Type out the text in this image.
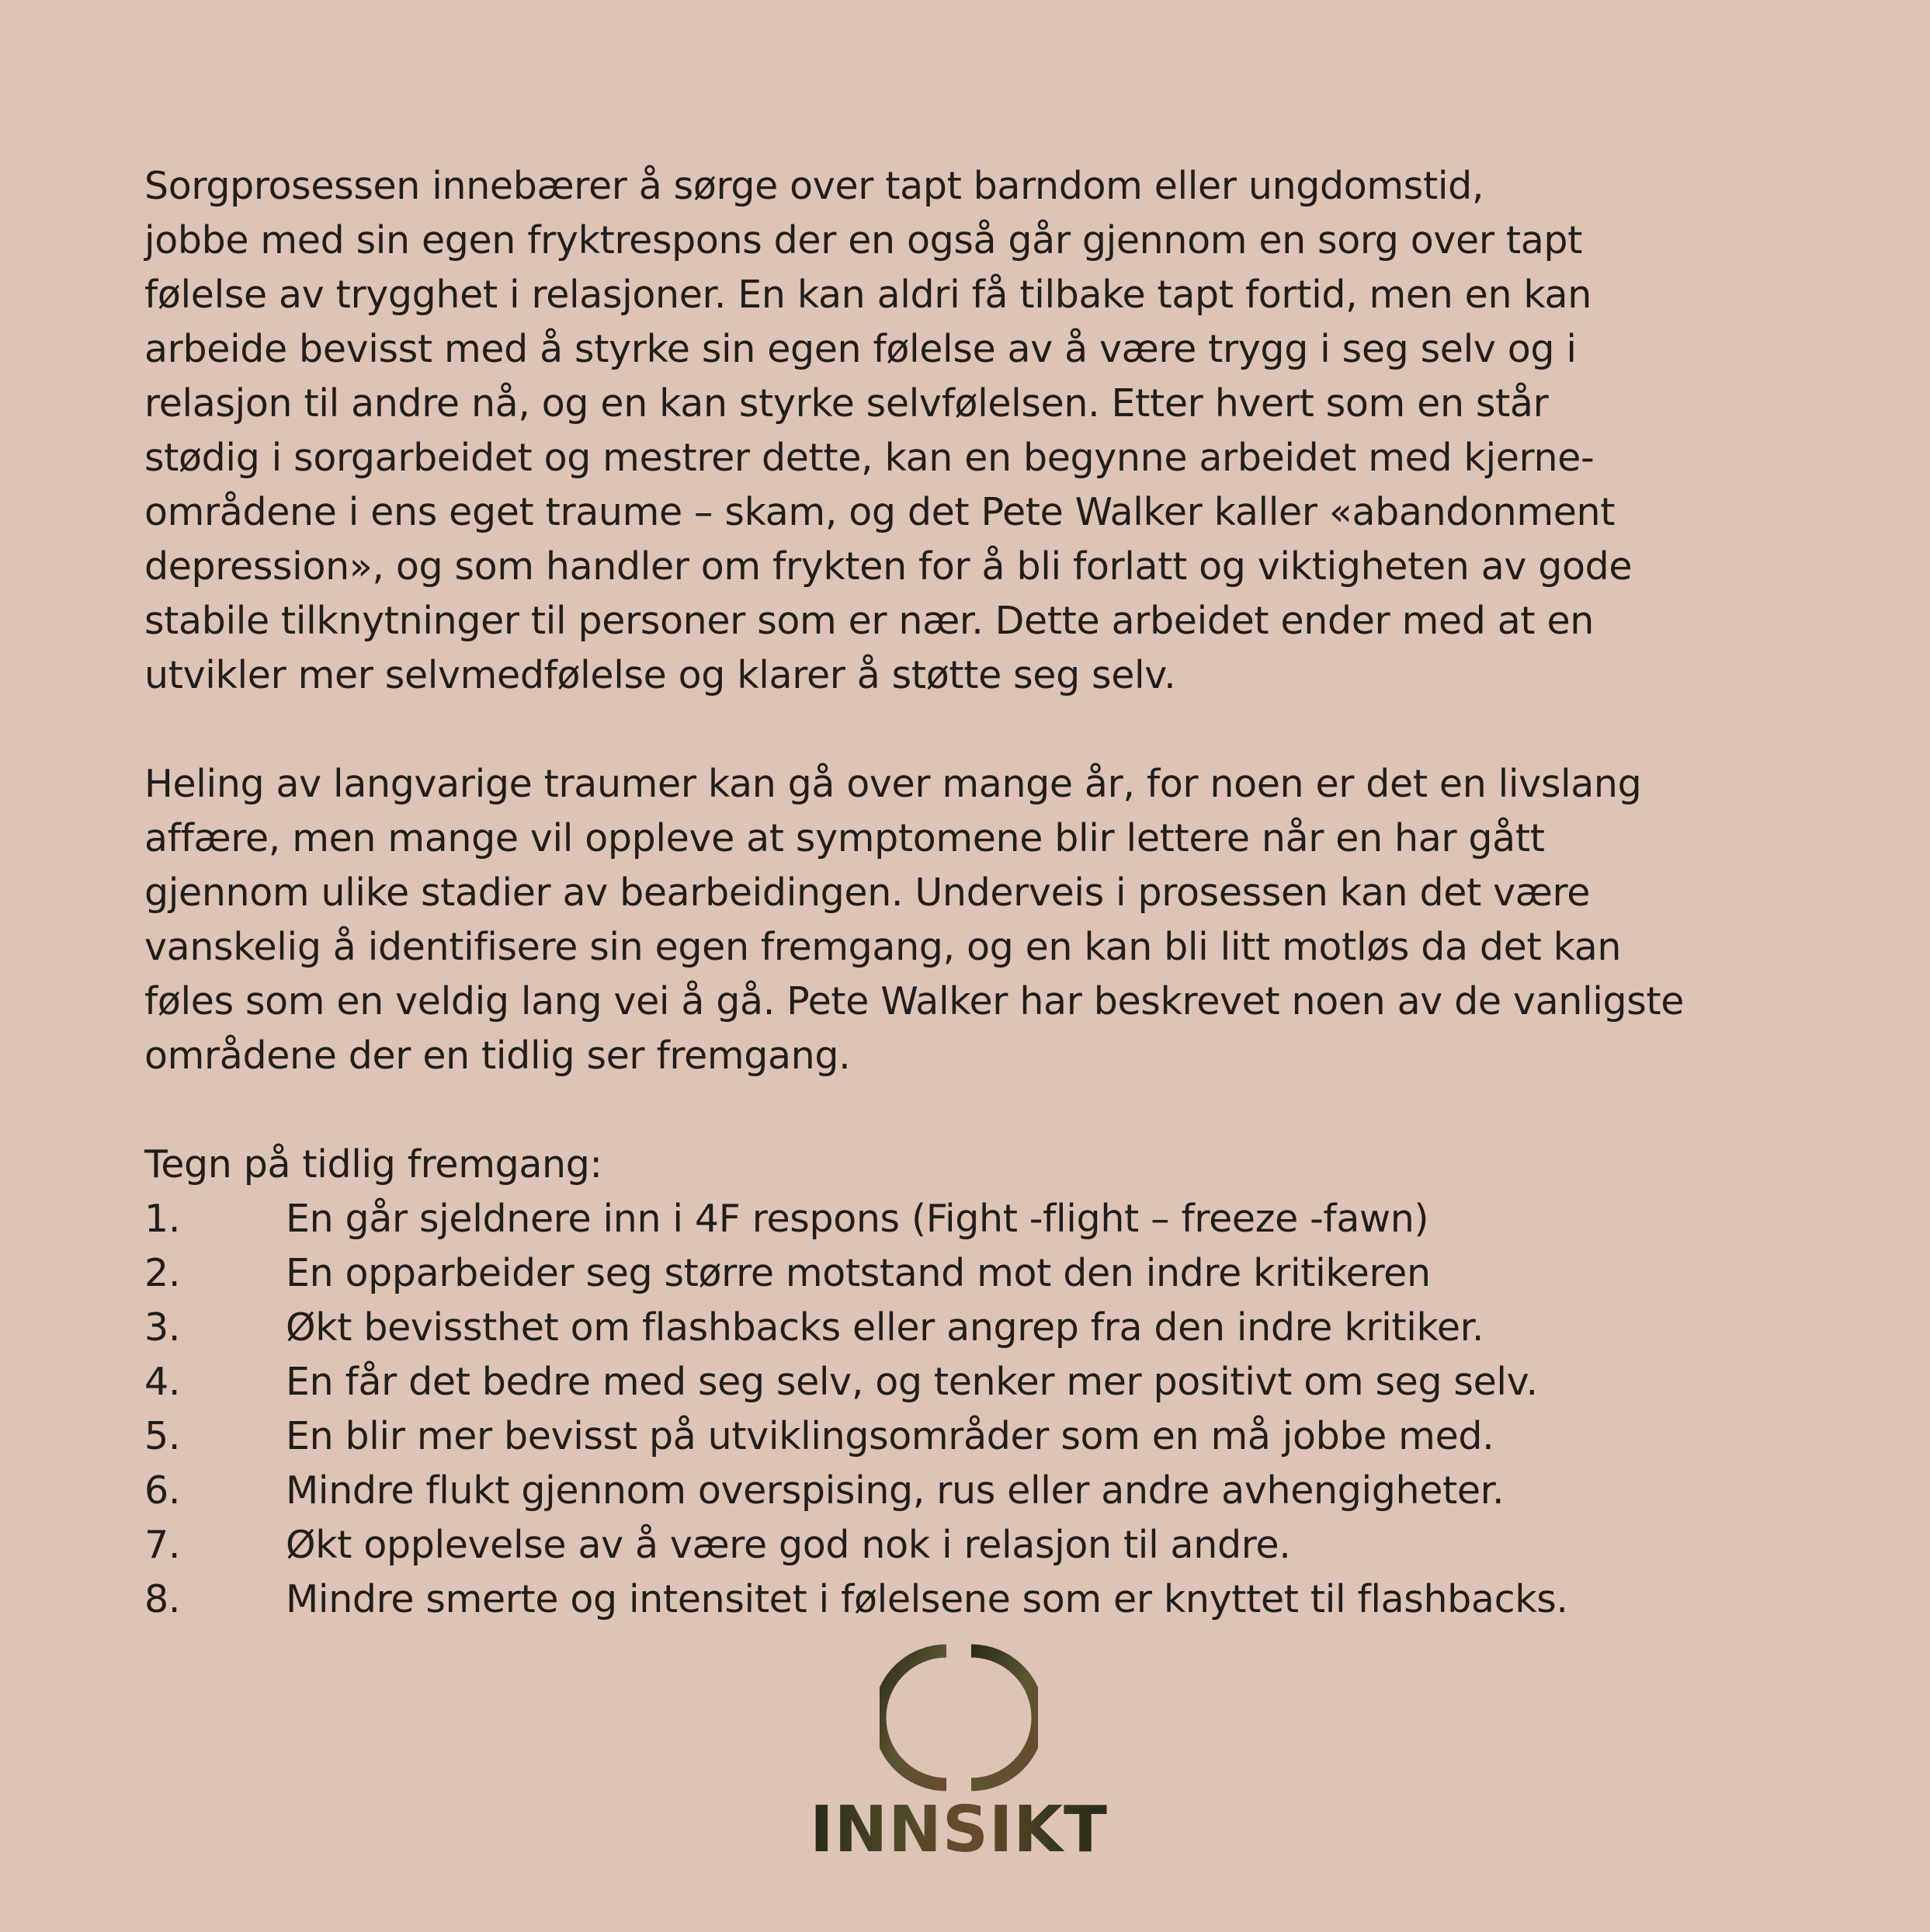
Sorgprosessen innebærer å sørge over tapt barndom eller ungdomstid,
jobbe med sin egen fryktrespons der en også går gjennom en sorg over tapt
følelse av trygghet i relasjoner. En kan aldri få tilbake tapt fortid, men en kan
arbeide bevisst med å styrke sin egen følelse av å være trygg i seg selv og i
relasjon til andre nå, og en kan styrke selvfølelsen. Etter hvert som en står
stødig i sorgarbeidet og mestrer dette, kan en begynne arbeidet med kjerne-
områdene i ens eget traume – skam, og det Pete Walker kaller «abandonment
depression», og som handler om frykten for å bli forlatt og viktigheten av gode
stabile tilknytninger til personer som er nær. Dette arbeidet ender med at en
utvikler mer selvmedfølelse og klarer å støtte seg selv.
Heling av langvarige traumer kan gå over mange år, for noen er det en livslang
affære, men mange vil oppleve at symptomene blir lettere når en har gått
gjennom ulike stadier av bearbeidingen. Underveis i prosessen kan det være
vanskelig å identifisere sin egen fremgang, og en kan bli litt motløs da det kan
føles som en veldig lang vei å gå. Pete Walker har beskrevet noen av de vanligste
områdene der en tidlig ser fremgang.
Tegn på tidlig fremgang:
1.	En går sjeldnere inn i 4F respons (Fight -flight – freeze -fawn)
2.	En opparbeider seg større motstand mot den indre kritikeren
3.	Økt bevissthet om flashbacks eller angrep fra den indre kritiker.
4.	En får det bedre med seg selv, og tenker mer positivt om seg selv.
5.	En blir mer bevisst på utviklingsområder som en må jobbe med.
6.	Mindre flukt gjennom overspising, rus eller andre avhengigheter.
7.	Økt opplevelse av å være god nok i relasjon til andre.
8.	Mindre smerte og intensitet i følelsene som er knyttet til flashbacks.
INNSIKT
